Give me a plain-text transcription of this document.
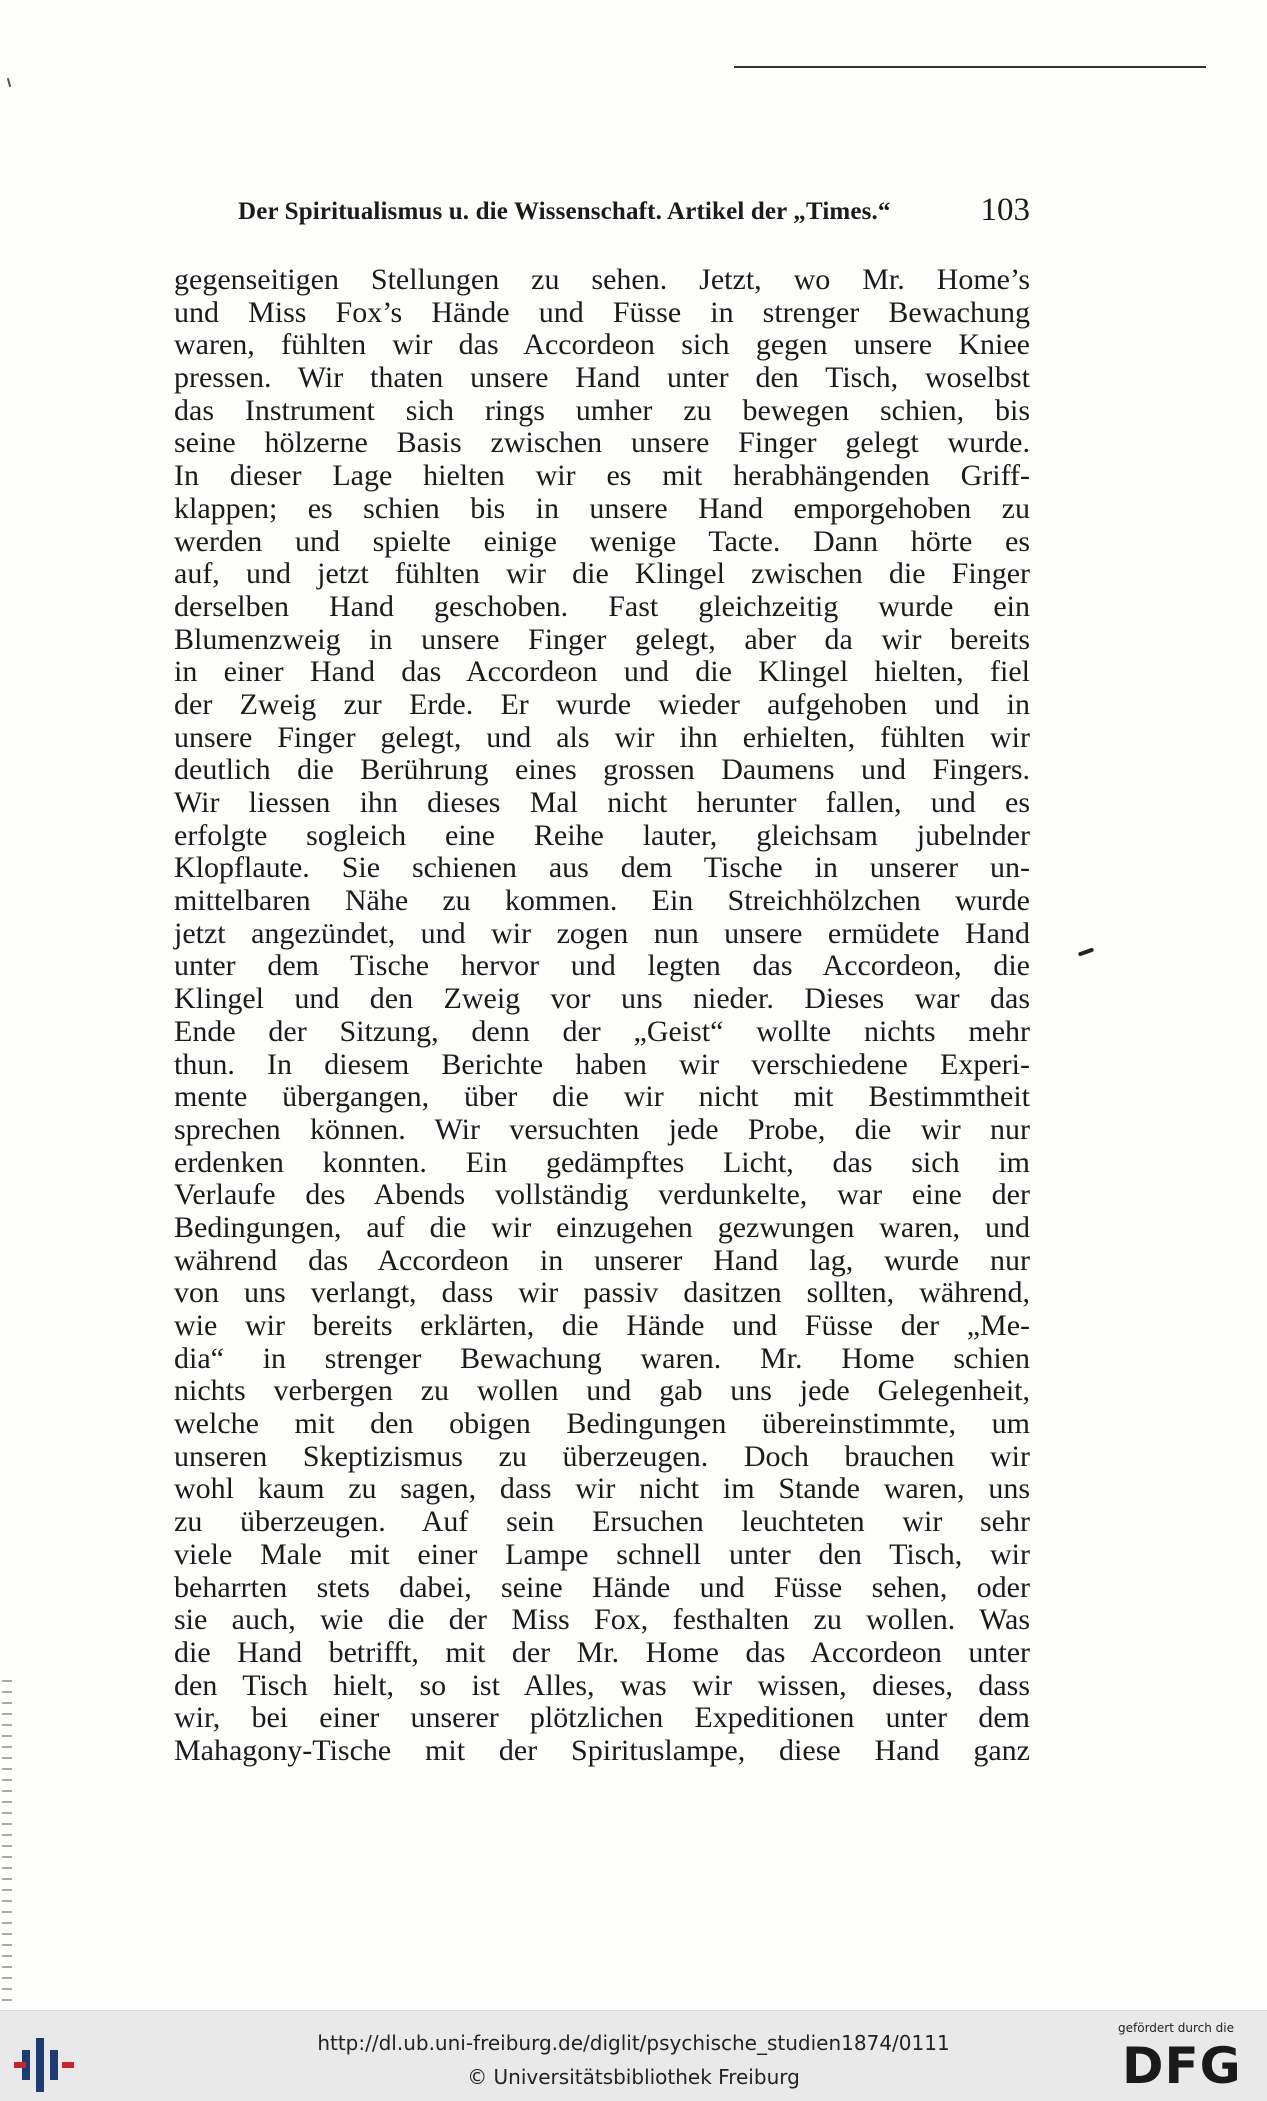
Der Spiritualismus u. die Wissenschaft. Artikel der „Times.“	103
gegenseitigen Stellungen zu sehen. Jetzt, wo Mr. Home’s
und Miss Fox’s Hände und Füsse in strenger Bewachung
waren, fühlten wir das Accordeon sich gegen unsere Kniee
pressen. Wir thaten unsere Hand unter den Tisch, woselbst
das Instrument sich rings umher zu bewegen schien, bis
seine hölzerne Basis zwischen unsere Finger gelegt wurde.
In dieser Lage hielten wir es mit herabhängenden Griff-
klappen; es schien bis in unsere Hand emporgehoben zu
werden und spielte einige wenige Tacte. Dann hörte es
auf, und jetzt fühlten wir die Klingel zwischen die Finger
derselben Hand geschoben. Fast gleichzeitig wurde ein
Blumenzweig in unsere Finger gelegt, aber da wir bereits
in einer Hand das Accordeon und die Klingel hielten, fiel
der Zweig zur Erde. Er wurde wieder aufgehoben und in
unsere Finger gelegt, und als wir ihn erhielten, fühlten wir
deutlich die Berührung eines grossen Daumens und Fingers.
Wir liessen ihn dieses Mal nicht herunter fallen, und es
erfolgte sogleich eine Reihe lauter, gleichsam jubelnder
Klopflaute. Sie schienen aus dem Tische in unserer un-
mittelbaren Nähe zu kommen. Ein Streichhölzchen wurde
jetzt angezündet, und wir zogen nun unsere ermüdete Hand
unter dem Tische hervor und legten das Accordeon, die
Klingel und den Zweig vor uns nieder. Dieses war das
Ende der Sitzung, denn der „Geist“ wollte nichts mehr
thun. In diesem Berichte haben wir verschiedene Experi-
mente übergangen, über die wir nicht mit Bestimmtheit
sprechen können. Wir versuchten jede Probe, die wir nur
erdenken konnten. Ein gedämpftes Licht, das sich im
Verlaufe des Abends vollständig verdunkelte, war eine der
Bedingungen, auf die wir einzugehen gezwungen waren, und
während das Accordeon in unserer Hand lag, wurde nur
von uns verlangt, dass wir passiv dasitzen sollten, während,
wie wir bereits erklärten, die Hände und Füsse der „Me-
dia“ in strenger Bewachung waren. Mr. Home schien
nichts verbergen zu wollen und gab uns jede Gelegenheit,
welche mit den obigen Bedingungen übereinstimmte, um
unseren Skeptizismus zu überzeugen. Doch brauchen wir
wohl kaum zu sagen, dass wir nicht im Stande waren, uns
zu überzeugen. Auf sein Ersuchen leuchteten wir sehr
viele Male mit einer Lampe schnell unter den Tisch, wir
beharrten stets dabei, seine Hände und Füsse sehen, oder
sie auch, wie die der Miss Fox, festhalten zu wollen. Was
die Hand betrifft, mit der Mr. Home das Accordeon unter
den Tisch hielt, so ist Alles, was wir wissen, dieses, dass
wir, bei einer unserer plötzlichen Expeditionen unter dem
Mahagony-Tische mit der Spirituslampe, diese Hand ganz
http://dl.ub.uni-freiburg.de/diglit/psychische_studien1874/0111
© Universitätsbibliothek Freiburg
gefördert durch die
DFG
